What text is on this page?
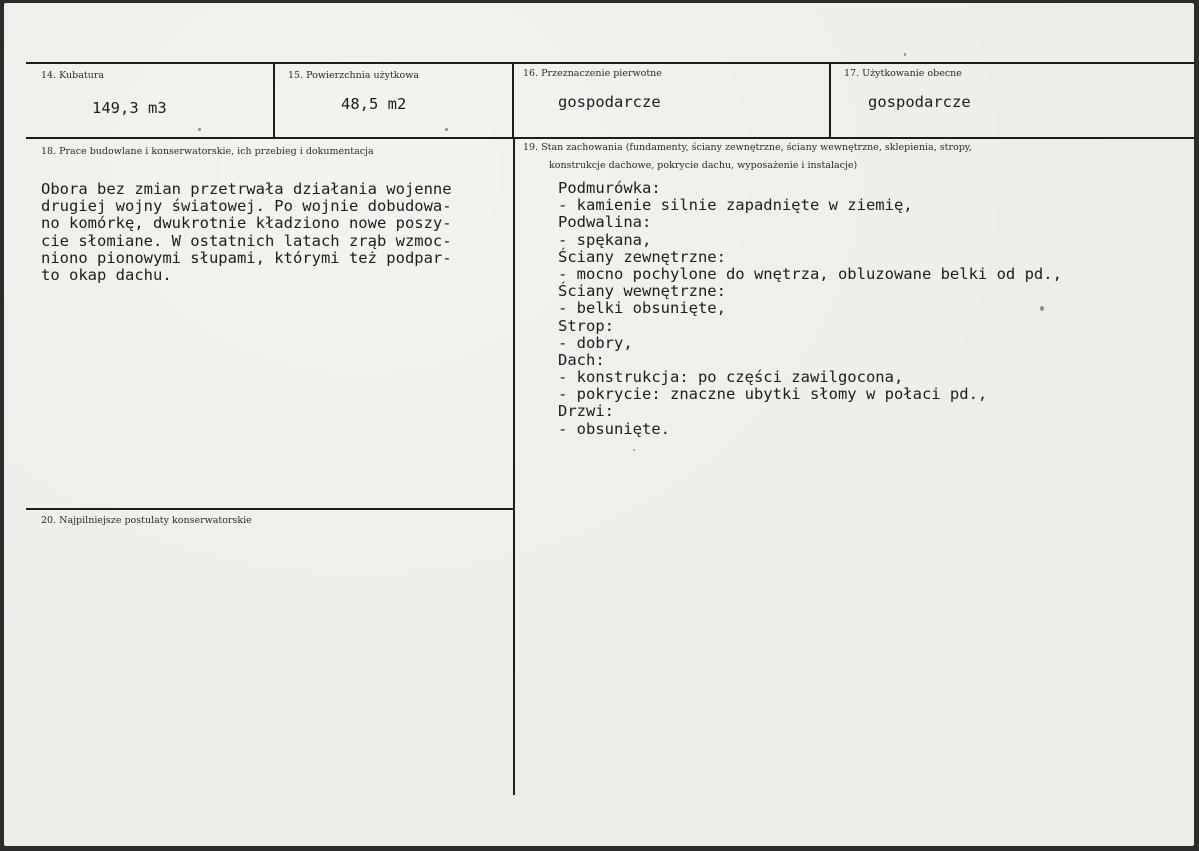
14. Kubatura
149,3 m3
15. Powierzchnia użytkowa
48,5 m2
16. Przeznaczenie pierwotne
gospodarcze
17. Użytkowanie obecne
gospodarcze
18. Prace budowlane i konserwatorskie, ich przebieg i dokumentacja
Obora bez zmian przetrwała działania wojenne
drugiej wojny światowej. Po wojnie dobudowa-
no komórkę, dwukrotnie kładziono nowe poszy-
cie słomiane. W ostatnich latach zrąb wzmoc-
niono pionowymi słupami, którymi też podpar-
to okap dachu.
19. Stan zachowania (fundamenty, ściany zewnętrzne, ściany wewnętrzne, sklepienia, stropy,
konstrukcje dachowe, pokrycie dachu, wyposażenie i instalacje)
Podmurówka:
- kamienie silnie zapadnięte w ziemię,
Podwalina:
- spękana,
Ściany zewnętrzne:
- mocno pochylone do wnętrza, obluzowane belki od pd.,
Ściany wewnętrzne:
- belki obsunięte,
Strop:
- dobry,
Dach:
- konstrukcja: po części zawilgocona,
- pokrycie: znaczne ubytki słomy w połaci pd.,
Drzwi:
- obsunięte.
20. Najpilniejsze postulaty konserwatorskie
